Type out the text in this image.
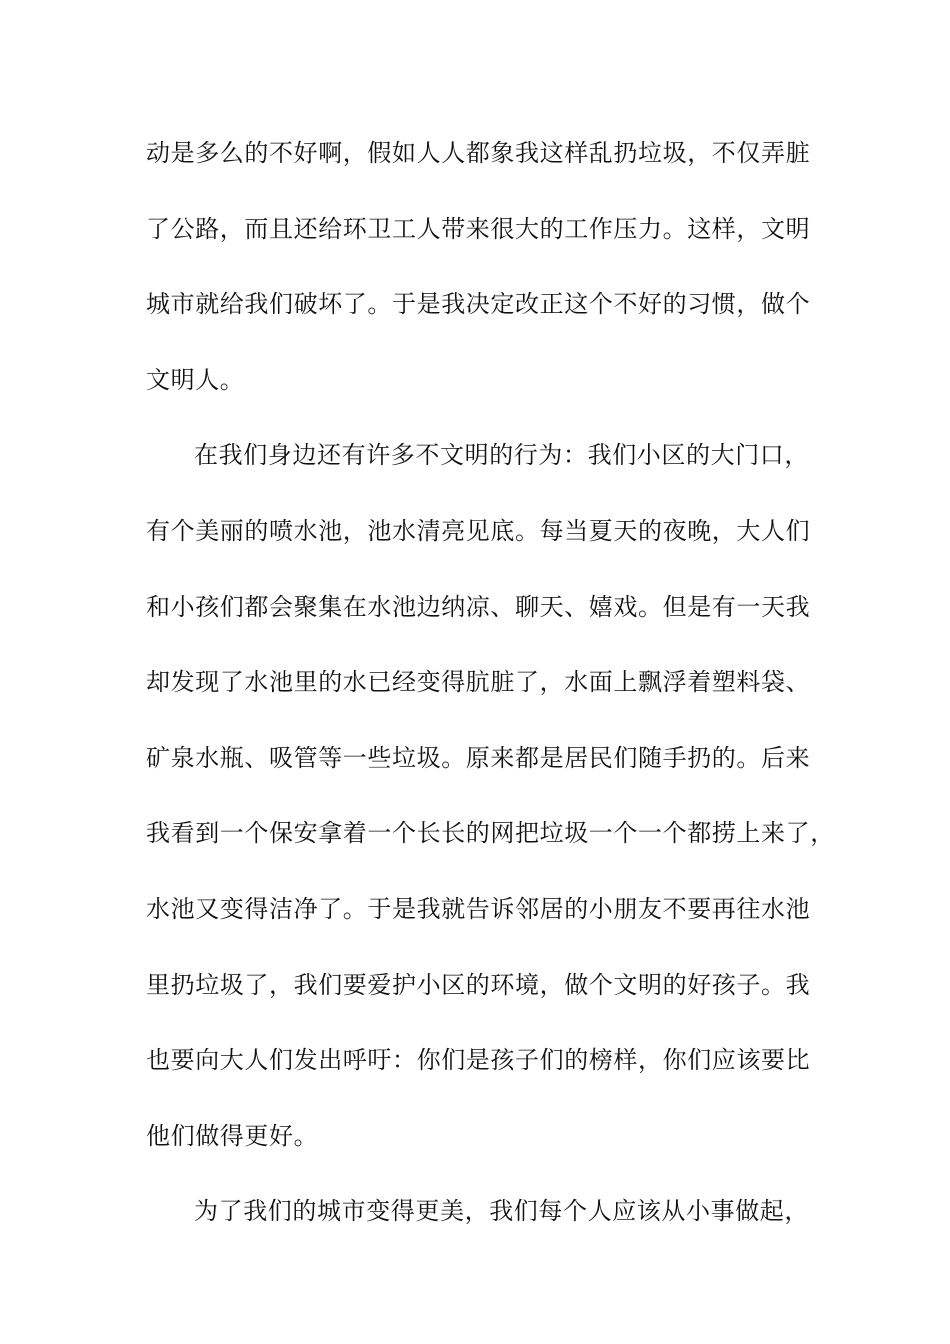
动是多么的不好啊，假如人人都象我这样乱扔垃圾，不仅弄脏
了公路，而且还给环卫工人带来很大的工作压力。这样，文明
城市就给我们破坏了。于是我决定改正这个不好的习惯，做个
文明人。
在我们身边还有许多不文明的行为：我们小区的大门口，
有个美丽的喷水池，池水清亮见底。每当夏天的夜晚，大人们
和小孩们都会聚集在水池边纳凉、聊天、嬉戏。但是有一天我
却发现了水池里的水已经变得肮脏了，水面上飘浮着塑料袋、
矿泉水瓶、吸管等一些垃圾。原来都是居民们随手扔的。后来
我看到一个保安拿着一个长长的网把垃圾一个一个都捞上来了，
水池又变得洁净了。于是我就告诉邻居的小朋友不要再往水池
里扔垃圾了，我们要爱护小区的环境，做个文明的好孩子。我
也要向大人们发出呼吁：你们是孩子们的榜样，你们应该要比
他们做得更好。
为了我们的城市变得更美，我们每个人应该从小事做起，
